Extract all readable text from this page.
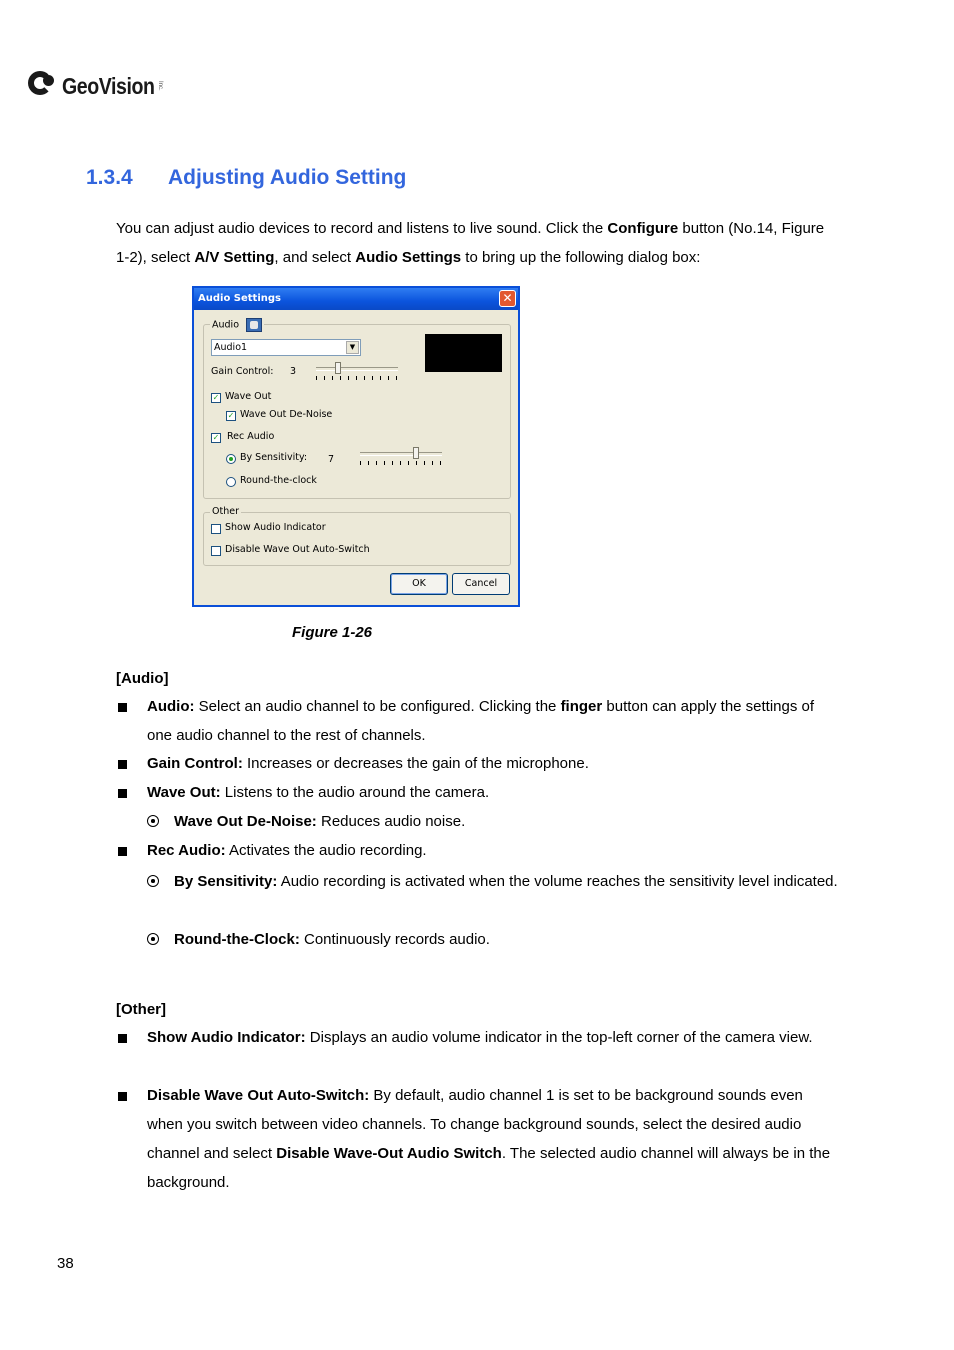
GeoVision Inc.
1.3.4 Adjusting Audio Setting
You can adjust audio devices to record and listens to live sound. Click the Configure button (No.14, Figure 1-2), select A/V Setting, and select Audio Settings to bring up the following dialog box:
Audio Settings	✕
Audio
Audio1	▼
Gain Control: 3
✓ Wave Out
✓ Wave Out De-Noise
✓ Rec Audio
By Sensitivity: 7
Round-the-clock
Other
Show Audio Indicator
Disable Wave Out Auto-Switch
OK	Cancel
Figure 1-26
[Audio]
Audio: Select an audio channel to be configured. Clicking the finger button can apply the settings of one audio channel to the rest of channels.
Gain Control: Increases or decreases the gain of the microphone.
Wave Out: Listens to the audio around the camera.
Wave Out De-Noise: Reduces audio noise.
Rec Audio: Activates the audio recording.
By Sensitivity: Audio recording is activated when the volume reaches the sensitivity level indicated.
Round-the-Clock: Continuously records audio.
[Other]
Show Audio Indicator: Displays an audio volume indicator in the top-left corner of the camera view.
Disable Wave Out Auto-Switch: By default, audio channel 1 is set to be background sounds even when you switch between video channels. To change background sounds, select the desired audio channel and select Disable Wave-Out Audio Switch. The selected audio channel will always be in the background.
38
